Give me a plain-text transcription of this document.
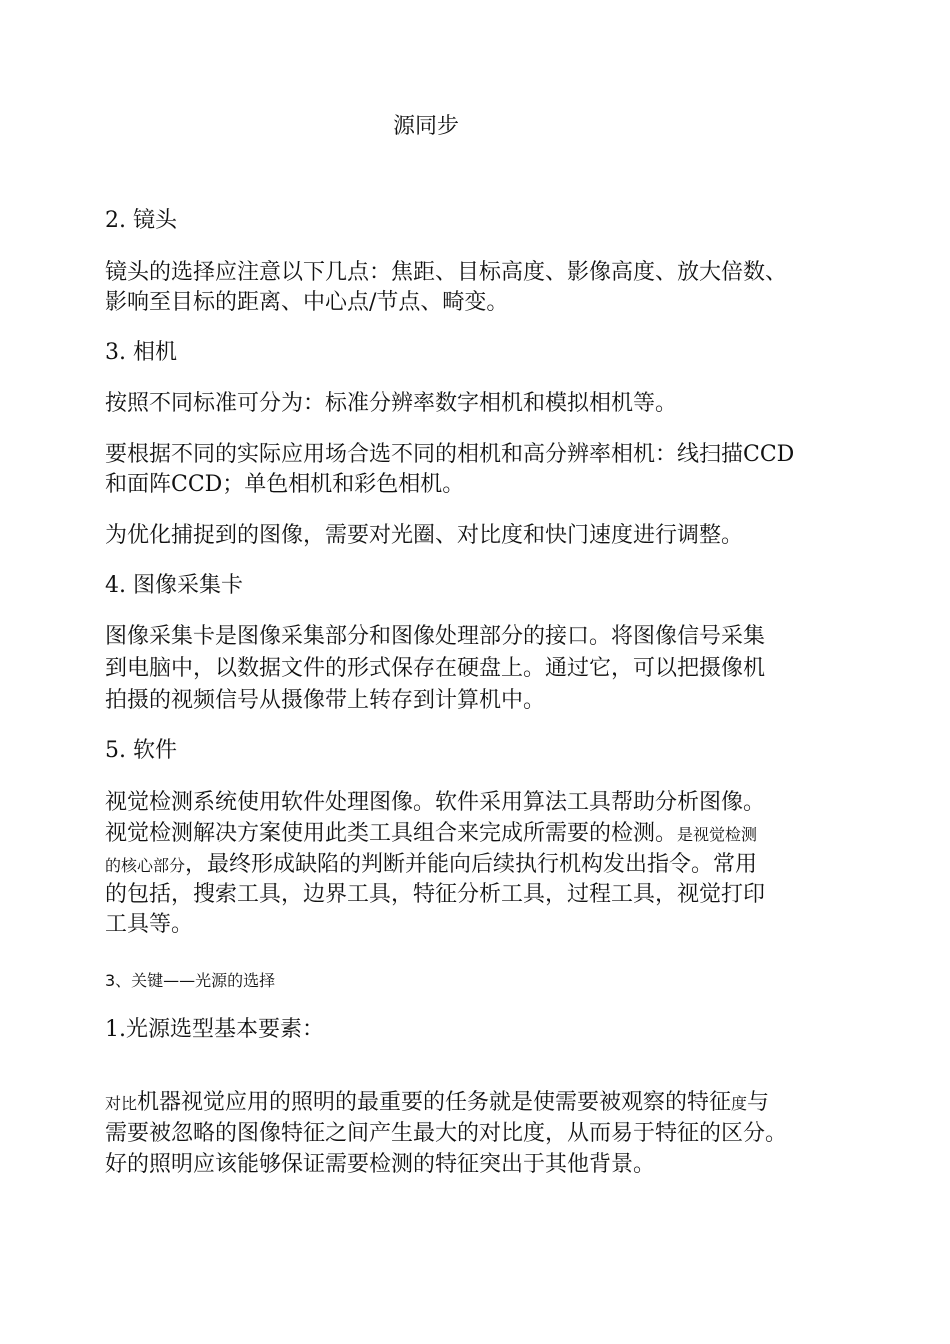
源同步
2. 镜头
镜头的选择应注意以下几点：焦距、目标高度、影像高度、放大倍数、
影响至目标的距离、中心点/节点、畸变。
3. 相机
按照不同标准可分为：标准分辨率数字相机和模拟相机等。
要根据不同的实际应用场合选不同的相机和高分辨率相机：线扫描CCD
和面阵CCD；单色相机和彩色相机。
为优化捕捉到的图像，需要对光圈、对比度和快门速度进行调整。
4. 图像采集卡
图像采集卡是图像采集部分和图像处理部分的接口。将图像信号采集
到电脑中，以数据文件的形式保存在硬盘上。通过它，可以把摄像机
拍摄的视频信号从摄像带上转存到计算机中。
5. 软件
视觉检测系统使用软件处理图像。软件采用算法工具帮助分析图像。
视觉检测解决方案使用此类工具组合来完成所需要的检测。是视觉检测
的核心部分，最终形成缺陷的判断并能向后续执行机构发出指令。常用
的包括，搜索工具，边界工具，特征分析工具，过程工具，视觉打印
工具等。
3、关键——光源的选择
1.光源选型基本要素：
对比机器视觉应用的照明的最重要的任务就是使需要被观察的特征度与
需要被忽略的图像特征之间产生最大的对比度，从而易于特征的区分。
好的照明应该能够保证需要检测的特征突出于其他背景。
